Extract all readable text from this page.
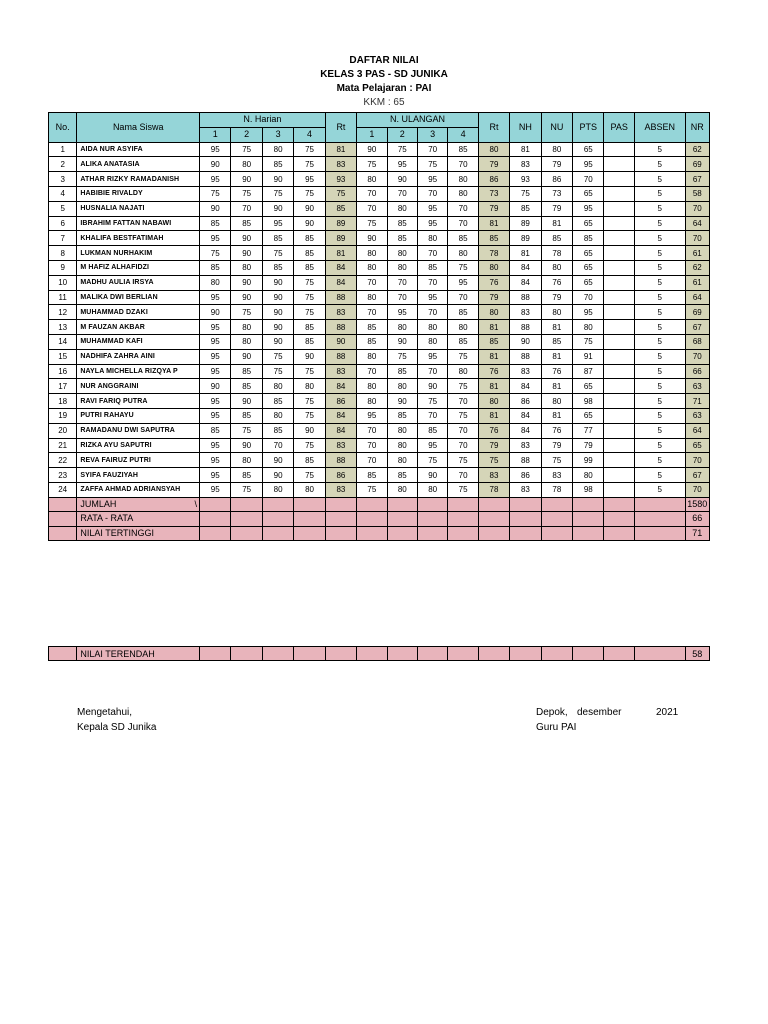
DAFTAR NILAI
KELAS 3 PAS - SD JUNIKA
Mata Pelajaran : PAI
KKM : 65
No.	Nama Siswa	N. Harian				Rt	N. ULANGAN				Rt	NH	NU	PTS	PAS	ABSEN	NR
		1	2	3	4		1	2	3	4							
1	AIDA NUR ASYIFA	95	75	80	75	81	90	75	70	85	80	81	80	65		5	62
2	ALIKA ANATASIA	90	80	85	75	83	75	95	75	70	79	83	79	95		5	69
3	ATHAR RIZKY RAMADANISH	95	90	90	95	93	80	90	95	80	86	93	86	70		5	67
4	HABIBIE RIVALDY	75	75	75	75	75	70	70	70	80	73	75	73	65		5	58
5	HUSNALIA NAJATI	90	70	90	90	85	70	80	95	70	79	85	79	95		5	70
6	IBRAHIM FATTAN NABAWI	85	85	95	90	89	75	85	95	70	81	89	81	65		5	64
7	KHALIFA BESTFATIMAH	95	90	85	85	89	90	85	80	85	85	89	85	85		5	70
8	LUKMAN NURHAKIM	75	90	75	85	81	80	80	70	80	78	81	78	65		5	61
9	M HAFIZ ALHAFIDZI	85	80	85	85	84	80	80	85	75	80	84	80	65		5	62
10	MADHU AULIA IRSYA	80	90	90	75	84	70	70	70	95	76	84	76	65		5	61
11	MALIKA DWI BERLIAN	95	90	90	75	88	80	70	95	70	79	88	79	70		5	64
12	MUHAMMAD DZAKI	90	75	90	75	83	70	95	70	85	80	83	80	95		5	69
13	M FAUZAN AKBAR	95	80	90	85	88	85	80	80	80	81	88	81	80		5	67
14	MUHAMMAD KAFI	95	80	90	85	90	85	90	80	85	85	90	85	75		5	68
15	NADHIFA ZAHRA AINI	95	90	75	90	88	80	75	95	75	81	88	81	91		5	70
16	NAYLA MICHELLA RIZQYA P	95	85	75	75	83	70	85	70	80	76	83	76	87		5	66
17	NUR ANGGRAINI	90	85	80	80	84	80	80	90	75	81	84	81	65		5	63
18	RAVI FARIQ PUTRA	95	90	85	75	86	80	90	75	70	80	86	80	98		5	71
19	PUTRI RAHAYU	95	85	80	75	84	95	85	70	75	81	84	81	65		5	63
20	RAMADANU DWI SAPUTRA	85	75	85	90	84	70	80	85	70	76	84	76	77		5	64
21	RIZKA AYU SAPUTRI	95	90	70	75	83	70	80	95	70	79	83	79	79		5	65
22	REVA FAIRUZ PUTRI	95	80	90	85	88	70	80	75	75	75	88	75	99		5	70
23	SYIFA FAUZIYAH	95	85	90	75	86	85	85	90	70	83	86	83	80		5	67
24	ZAFFA AHMAD ADRIANSYAH	95	75	80	80	83	75	80	80	75	78	83	78	98		5	70
	JUMLAH \																1580
	RATA - RATA																66
	NILAI TERTINGGI																71
	NILAI TERENDAH																58
Mengetahui,
Kepala SD Junika
Depok, desember	2021
Guru PAI
